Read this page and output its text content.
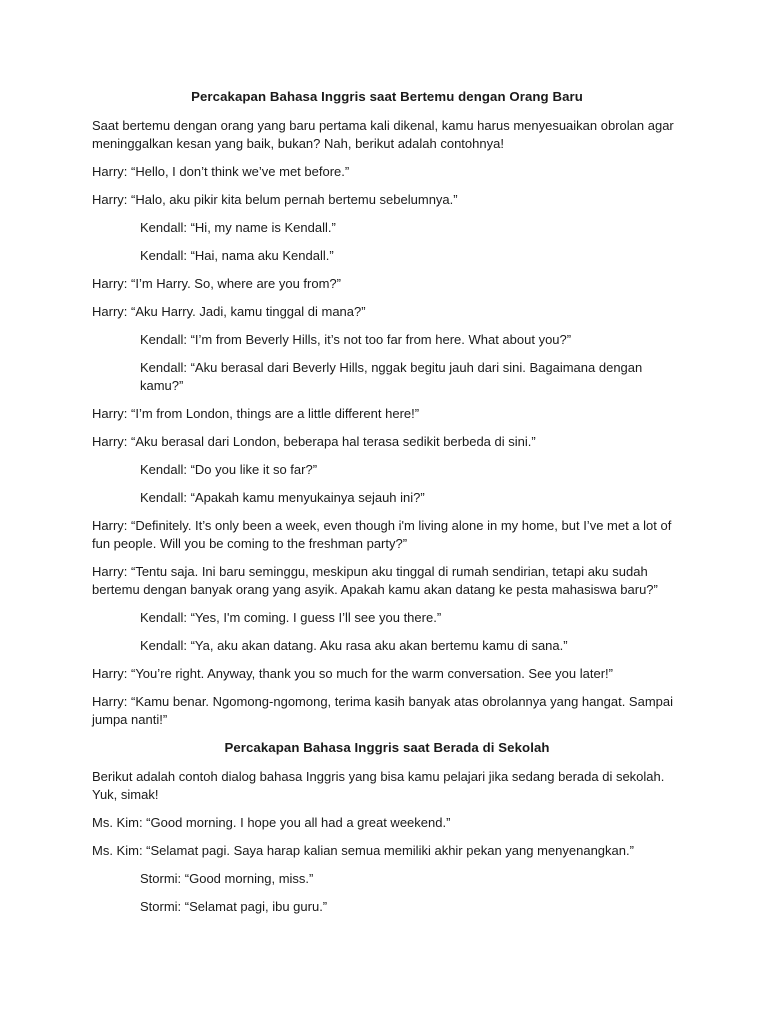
Percakapan Bahasa Inggris saat Bertemu dengan Orang Baru
Saat bertemu dengan orang yang baru pertama kali dikenal, kamu harus menyesuaikan obrolan agar meninggalkan kesan yang baik, bukan? Nah, berikut adalah contohnya!
Harry: “Hello, I don’t think we’ve met before.”
Harry: “Halo, aku pikir kita belum pernah bertemu sebelumnya.”
Kendall: “Hi, my name is Kendall.”
Kendall: “Hai, nama aku Kendall.”
Harry: “I’m Harry. So, where are you from?”
Harry: “Aku Harry. Jadi, kamu tinggal di mana?”
Kendall: “I’m from Beverly Hills, it’s not too far from here. What about you?”
Kendall: “Aku berasal dari Beverly Hills, nggak begitu jauh dari sini. Bagaimana dengan kamu?”
Harry: “I’m from London, things are a little different here!”
Harry: “Aku berasal dari London, beberapa hal terasa sedikit berbeda di sini.”
Kendall: “Do you like it so far?”
Kendall: “Apakah kamu menyukainya sejauh ini?”
Harry: “Definitely. It’s only been a week, even though i'm living alone in my home, but I’ve met a lot of fun people. Will you be coming to the freshman party?”
Harry: “Tentu saja. Ini baru seminggu, meskipun aku tinggal di rumah sendirian, tetapi aku sudah bertemu dengan banyak orang yang asyik. Apakah kamu akan datang ke pesta mahasiswa baru?”
Kendall: “Yes, I'm coming. I guess I’ll see you there.”
Kendall: “Ya, aku akan datang. Aku rasa aku akan bertemu kamu di sana.”
Harry: “You’re right. Anyway, thank you so much for the warm conversation. See you later!”
Harry: “Kamu benar. Ngomong-ngomong, terima kasih banyak atas obrolannya yang hangat. Sampai jumpa nanti!”
Percakapan Bahasa Inggris saat Berada di Sekolah
Berikut adalah contoh dialog bahasa Inggris yang bisa kamu pelajari jika sedang berada di sekolah. Yuk, simak!
Ms. Kim: “Good morning. I hope you all had a great weekend.”
Ms. Kim: “Selamat pagi. Saya harap kalian semua memiliki akhir pekan yang menyenangkan.”
Stormi: “Good morning, miss.”
Stormi: “Selamat pagi, ibu guru.”
